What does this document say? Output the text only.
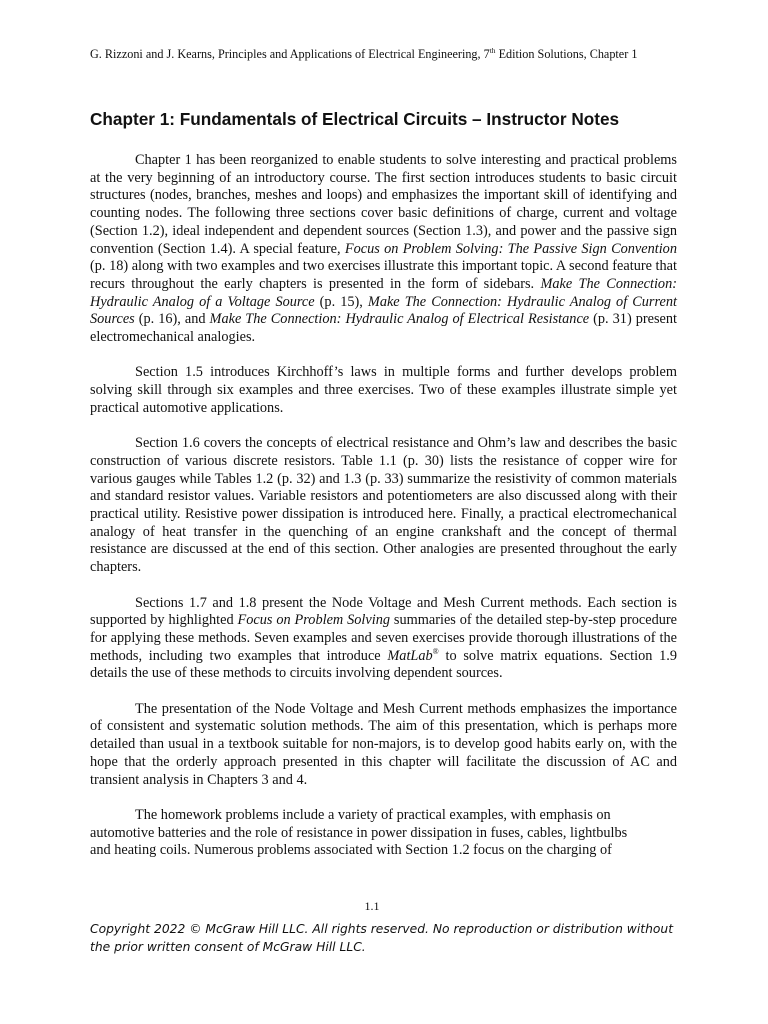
G. Rizzoni and J. Kearns, Principles and Applications of Electrical Engineering, 7th Edition Solutions, Chapter 1
Chapter 1: Fundamentals of Electrical Circuits – Instructor Notes

Chapter 1 has been reorganized to enable students to solve interesting and practical problems at the very beginning of an introductory course. The first section introduces students to basic circuit structures (nodes, branches, meshes and loops) and emphasizes the important skill of identifying and counting nodes. The following three sections cover basic definitions of charge, current and voltage (Section 1.2), ideal independent and dependent sources (Section 1.3), and power and the passive sign convention (Section 1.4). A special feature, Focus on Problem Solving: The Passive Sign Convention (p. 18) along with two examples and two exercises illustrate this important topic. A second feature that recurs throughout the early chapters is presented in the form of sidebars. Make The Connection: Hydraulic Analog of a Voltage Source (p. 15), Make The Connection: Hydraulic Analog of Current Sources (p. 16), and Make The Connection: Hydraulic Analog of Electrical Resistance (p. 31) present electromechanical analogies.

Section 1.5 introduces Kirchhoff’s laws in multiple forms and further develops problem solving skill through six examples and three exercises. Two of these examples illustrate simple yet practical automotive applications.

Section 1.6 covers the concepts of electrical resistance and Ohm’s law and describes the basic construction of various discrete resistors. Table 1.1 (p. 30) lists the resistance of copper wire for various gauges while Tables 1.2 (p. 32) and 1.3 (p. 33) summarize the resistivity of common materials and standard resistor values. Variable resistors and potentiometers are also discussed along with their practical utility. Resistive power dissipation is introduced here. Finally, a practical electromechanical analogy of heat transfer in the quenching of an engine crankshaft and the concept of thermal resistance are discussed at the end of this section. Other analogies are presented throughout the early chapters.

Sections 1.7 and 1.8 present the Node Voltage and Mesh Current methods. Each section is supported by highlighted Focus on Problem Solving summaries of the detailed step-by-step procedure for applying these methods. Seven examples and seven exercises provide thorough illustrations of the methods, including two examples that introduce MatLab® to solve matrix equations. Section 1.9 details the use of these methods to circuits involving dependent sources.

The presentation of the Node Voltage and Mesh Current methods emphasizes the importance of consistent and systematic solution methods. The aim of this presentation, which is perhaps more detailed than usual in a textbook suitable for non-majors, is to develop good habits early on, with the hope that the orderly approach presented in this chapter will facilitate the discussion of AC and transient analysis in Chapters 3 and 4.

The homework problems include a variety of practical examples, with emphasis on
automotive batteries and the role of resistance in power dissipation in fuses, cables, lightbulbs
and heating coils. Numerous problems associated with Section 1.2 focus on the charging of

1.1
Copyright 2022 © McGraw Hill LLC. All rights reserved. No reproduction or distribution without the prior written consent of McGraw Hill LLC.
